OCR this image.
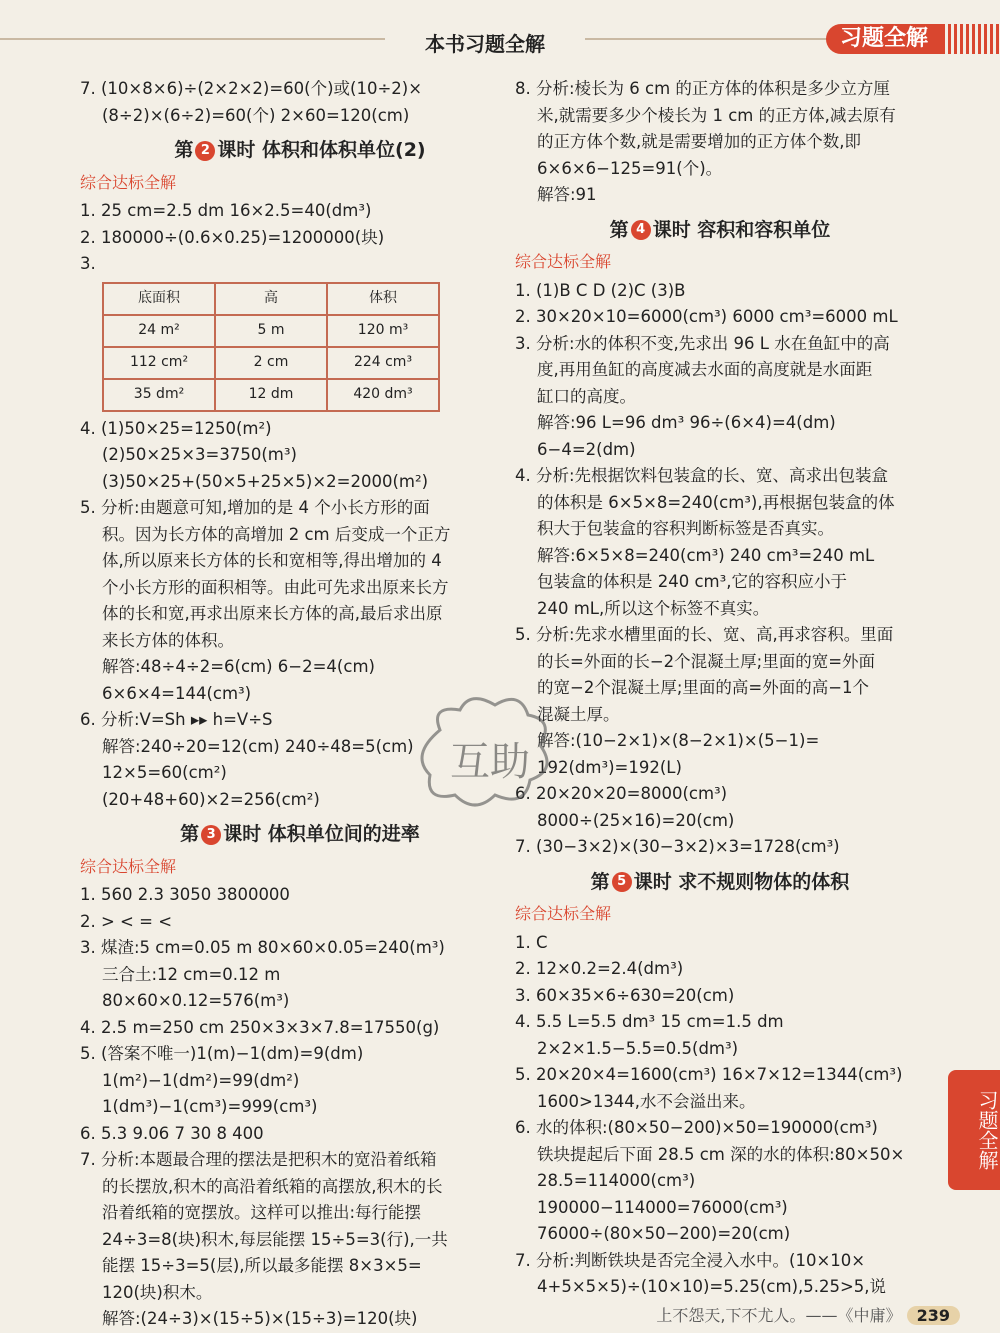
本书习题全解	习题全解

7. (10×8×6)÷(2×2×2)=60(个)或(10÷2)×

(8÷2)×(6÷2)=60(个) 2×60=120(cm)

第 2 课时 体积和体积单位(2)
综合达标全解

1. 25 cm=2.5 dm 16×2.5=40(dm³)

2. 180000÷(0.6×0.25)=1200000(块)

3.

底面积	高	体积
24 m²	5 m	120 m³
112 cm²	2 cm	224 cm³
35 dm²	12 dm	420 dm³

4. (1)50×25=1250(m²)

(2)50×25×3=3750(m³)

(3)50×25+(50×5+25×5)×2=2000(m²)

5. 分析:由题意可知,增加的是 4 个小长方形的面

积。因为长方体的高增加 2 cm 后变成一个正方

体,所以原来长方体的长和宽相等,得出增加的 4

个小长方形的面积相等。由此可先求出原来长方

体的长和宽,再求出原来长方体的高,最后求出原

来长方体的体积。

解答:48÷4÷2=6(cm) 6−2=4(cm)

6×6×4=144(cm³)

6. 分析:V=Sh ▸▸ h=V÷S

解答:240÷20=12(cm) 240÷48=5(cm)

12×5=60(cm²)

(20+48+60)×2=256(cm²)

第 3 课时 体积单位间的进率
综合达标全解

1. 560 2.3 3050 3800000

2. > < = <

3. 煤渣:5 cm=0.05 m 80×60×0.05=240(m³)

三合土:12 cm=0.12 m

80×60×0.12=576(m³)

4. 2.5 m=250 cm 250×3×3×7.8=17550(g)

5. (答案不唯一)1(m)−1(dm)=9(dm)

1(m²)−1(dm²)=99(dm²)

1(dm³)−1(cm³)=999(cm³)

6. 5.3 9.06 7 30 8 400

7. 分析:本题最合理的摆法是把积木的宽沿着纸箱

的长摆放,积木的高沿着纸箱的高摆放,积木的长

沿着纸箱的宽摆放。这样可以推出:每行能摆

24÷3=8(块)积木,每层能摆 15÷5=3(行),一共

能摆 15÷3=5(层),所以最多能摆 8×3×5=

120(块)积木。

解答:(24÷3)×(15÷5)×(15÷3)=120(块)

8. 分析:棱长为 6 cm 的正方体的体积是多少立方厘

米,就需要多少个棱长为 1 cm 的正方体,减去原有

的正方体个数,就是需要增加的正方体个数,即

6×6×6−125=91(个)。

解答:91

第 4 课时 容积和容积单位
综合达标全解

1. (1)B C D (2)C (3)B

2. 30×20×10=6000(cm³) 6000 cm³=6000 mL

3. 分析:水的体积不变,先求出 96 L 水在鱼缸中的高

度,再用鱼缸的高度减去水面的高度就是水面距

缸口的高度。

解答:96 L=96 dm³ 96÷(6×4)=4(dm)

6−4=2(dm)

4. 分析:先根据饮料包装盒的长、宽、高求出包装盒

的体积是 6×5×8=240(cm³),再根据包装盒的体

积大于包装盒的容积判断标签是否真实。

解答:6×5×8=240(cm³) 240 cm³=240 mL

包装盒的体积是 240 cm³,它的容积应小于

240 mL,所以这个标签不真实。

5. 分析:先求水槽里面的长、宽、高,再求容积。里面

的长=外面的长−2个混凝土厚;里面的宽=外面

的宽−2个混凝土厚;里面的高=外面的高−1个

混凝土厚。

解答:(10−2×1)×(8−2×1)×(5−1)=

192(dm³)=192(L)

6. 20×20×20=8000(cm³)

8000÷(25×16)=20(cm)

7. (30−3×2)×(30−3×2)×3=1728(cm³)

第 5 课时 求不规则物体的体积
综合达标全解

1. C

2. 12×0.2=2.4(dm³)

3. 60×35×6÷630=20(cm)

4. 5.5 L=5.5 dm³ 15 cm=1.5 dm

2×2×1.5−5.5=0.5(dm³)

5. 20×20×4=1600(cm³) 16×7×12=1344(cm³)

1600>1344,水不会溢出来。

6. 水的体积:(80×50−200)×50=190000(cm³)

铁块提起后下面 28.5 cm 深的水的体积:80×50×

28.5=114000(cm³)

190000−114000=76000(cm³)

76000÷(80×50−200)=20(cm)

7. 分析:判断铁块是否完全浸入水中。(10×10×

4+5×5×5)÷(10×10)=5.25(cm),5.25>5,说

互助
习题全解
上不怨天,下不尤人。——《中庸》 239
